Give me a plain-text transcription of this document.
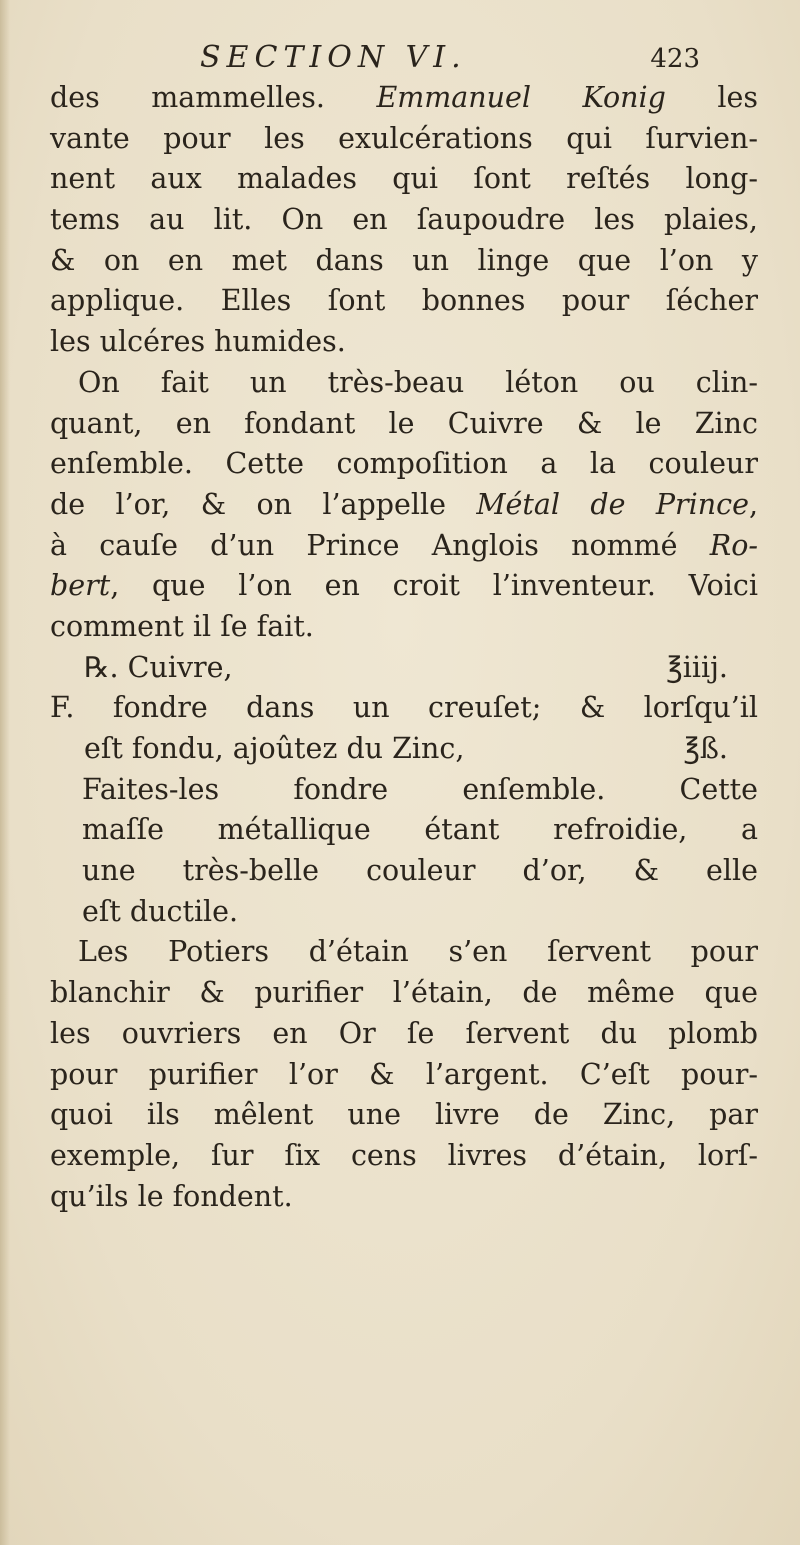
SECTION VI.	423
des mammelles. Emmanuel Konig les
vante pour les exulcérations qui ſurvien-
nent aux malades qui ſont reſtés long-
tems au lit. On en ſaupoudre les plaies,
& on en met dans un linge que l’on y
applique. Elles ſont bonnes pour ſécher
les ulcéres humides.
On fait un très-beau léton ou clin-
quant, en fondant le Cuivre & le Zinc
enſemble. Cette compoſition a la couleur
de l’or, & on l’appelle Métal de Prince,
à cauſe d’un Prince Anglois nommé Ro-
bert, que l’on en croit l’inventeur. Voici
comment il ſe fait.
℞. Cuivre,	℥iiij.
F. fondre dans un creuſet; & lorſqu’il
eſt fondu, ajoûtez du Zinc,	℥ß.
Faites-les fondre enſemble. Cette
maſſe métallique étant refroidie, a
une très-belle couleur d’or, & elle
eſt ductile.
Les Potiers d’étain s’en ſervent pour
blanchir & purifier l’étain, de même que
les ouvriers en Or ſe ſervent du plomb
pour purifier l’or & l’argent. C’eſt pour-
quoi ils mêlent une livre de Zinc, par
exemple, ſur ſix cens livres d’étain, lorſ-
qu’ils le fondent.
